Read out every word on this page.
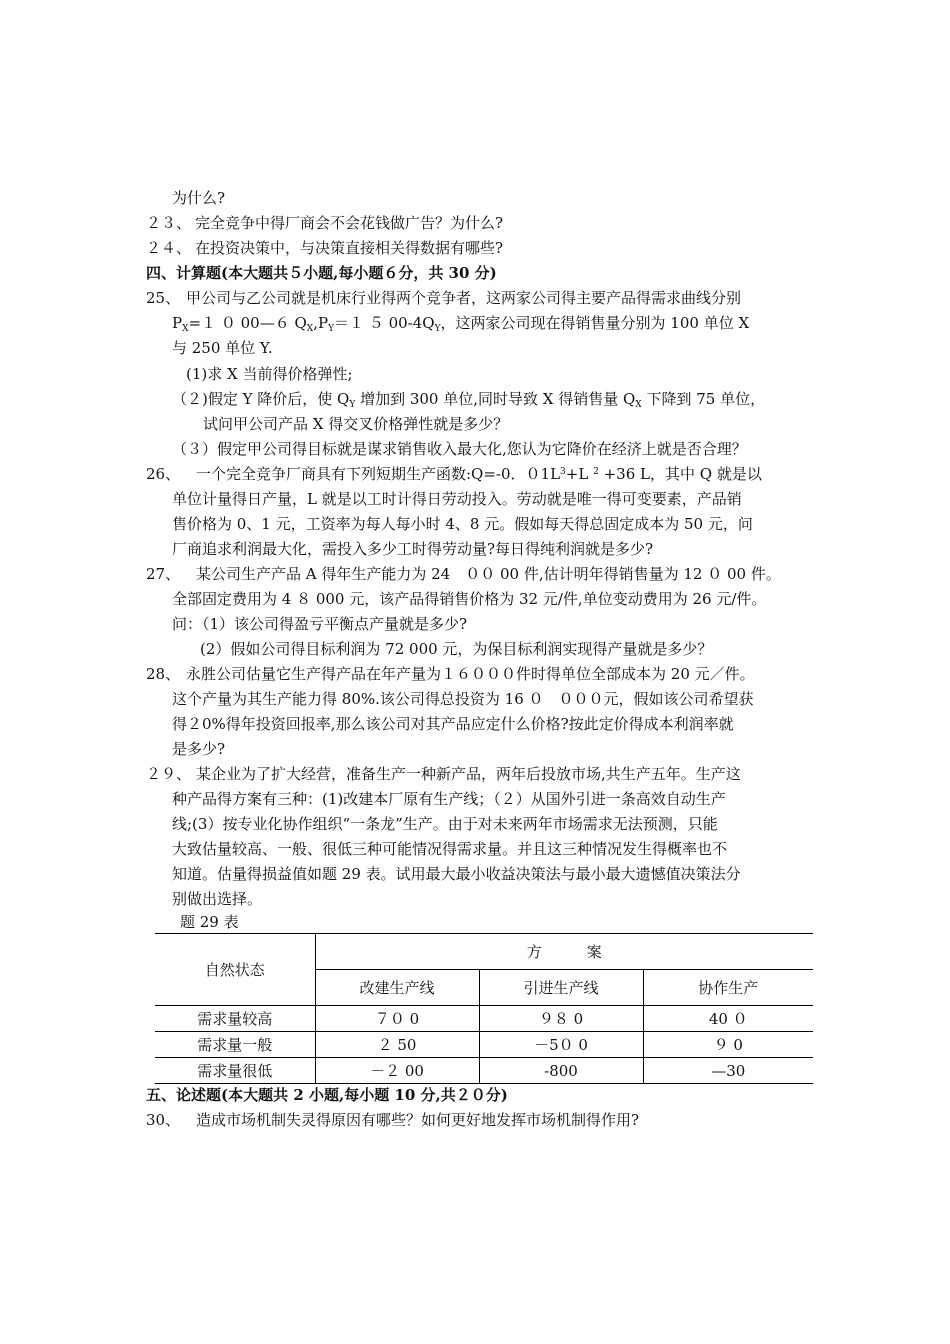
为什么?
２３、 完全竞争中得厂商会不会花钱做广告？为什么?
２４、 在投资决策中，与决策直接相关得数据有哪些?
四、计算题(本大题共５小题,每小题６分，共 30 分)
25、 甲公司与乙公司就是机床行业得两个竞争者，这两家公司得主要产品得需求曲线分别
$P_X=1$ ０ 00—６ $Q_X,P_Y=1$ ５ $00-4Q_Y$，这两家公司现在得销售量分别为 100 单位 X
与 250 单位 Y.
(1)求 X 当前得价格弹性;
（２)假定 Y 降价后，使 $Q_Y$ 增加到 300 单位,同时导致 X 得销售量 $Q_X$ 下降到 75 单位，
试问甲公司产品 X 得交叉价格弹性就是多少？
（３）假定甲公司得目标就是谋求销售收入最大化,您认为它降价在经济上就是否合理？
26、 一个完全竞争厂商具有下列短期生产函数:Q=-0．$01L^3+L$ $^2$ +36 L，其中 Q 就是以
单位计量得日产量，L 就是以工时计得日劳动投入。劳动就是唯一得可变要素，产品销
售价格为 0、1 元，工资率为每人每小时 4、8 元。假如每天得总固定成本为 50 元，问
厂商追求利润最大化，需投入多少工时得劳动量?每日得纯利润就是多少?
27、 某公司生产产品 A 得年生产能力为 24　００ 00 件,估计明年得销售量为 12 ０ 00 件。
全部固定费用为 4 ８ 000 元，该产品得销售价格为 32 元/件,单位变动费用为 26 元/件。
问：（1）该公司得盈亏平衡点产量就是多少?
(2）假如公司得目标利润为 72 000 元，为保目标利润实现得产量就是多少？
28、 永胜公司估量它生产得产品在年产量为１６０００件时得单位全部成本为 20 元／件。
这个产量为其生产能力得 80%.该公司得总投资为 16 ０　０００元，假如该公司希望获
得２0%得年投资回报率,那么该公司对其产品应定什么价格?按此定价得成本利润率就
是多少?
２９、 某企业为了扩大经营，准备生产一种新产品，两年后投放市场,共生产五年。生产这
种产品得方案有三种：(1)改建本厂原有生产线；（２）从国外引进一条高效自动生产
线;(3）按专业化协作组织“一条龙”生产。由于对未来两年市场需求无法预测，只能
大致估量较高、一般、很低三种可能情况得需求量。并且这三种情况发生得概率也不
知道。估量得损益值如题 29 表。试用最大最小收益决策法与最小最大遗憾值决策法分
别做出选择。
题 29 表
自然状态	方　　　案		
	改建生产线	引进生产线	协作生产
需求量较高	７０ 0	９８ 0	40 ０
需求量一般	２ 50	－5０ 0	９ 0
需求量很低	－２ 00	-800	—30
五、论述题(本大题共 2 小题,每小题 10 分,共２０分)
30、 造成市场机制失灵得原因有哪些？如何更好地发挥市场机制得作用?
